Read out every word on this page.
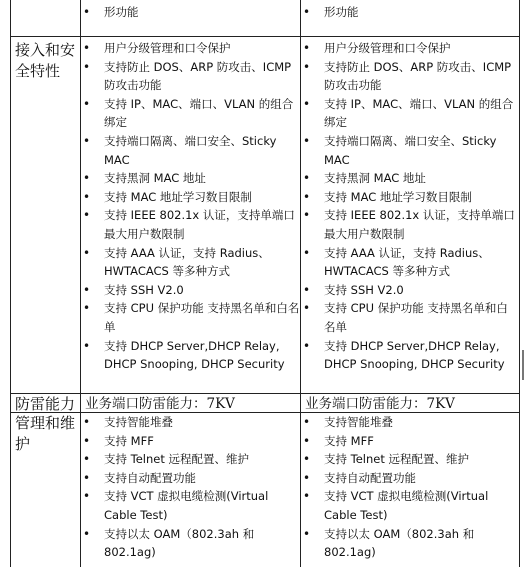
• 形功能
•	形功能
接入和安全特性
• 用户分级管理和口令保护
• 支持防止 DOS、ARP 防攻击、ICMP 防攻击功能
• 支持 IP、MAC、端口、VLAN 的组合绑定
• 支持端口隔离、端口安全、Sticky MAC
• 支持黑洞 MAC 地址
• 支持 MAC 地址学习数目限制
• 支持 IEEE 802.1x 认证，支持单端口最大用户数限制
• 支持 AAA 认证，支持 Radius、HWTACACS 等多种方式
• 支持 SSH V2.0
• 支持 CPU 保护功能 支持黑名单和白名单
• 支持 DHCP Server,DHCP Relay, DHCP Snooping, DHCP Security
• 用户分级管理和口令保护
• 支持防止 DOS、ARP 防攻击、ICMP 防攻击功能
• 支持 IP、MAC、端口、VLAN 的组合绑定
• 支持端口隔离、端口安全、Sticky MAC
• 支持黑洞 MAC 地址
• 支持 MAC 地址学习数目限制
• 支持 IEEE 802.1x 认证，支持单端口最大用户数限制
• 支持 AAA 认证，支持 Radius、HWTACACS 等多种方式
• 支持 SSH V2.0
• 支持 CPU 保护功能 支持黑名单和白名单
• 支持 DHCP Server,DHCP Relay, DHCP Snooping, DHCP Security
防雷能力 业务端口防雷能力：7KV	业务端口防雷能力：7KV
管理和维护
• 支持智能堆叠
• 支持 MFF
• 支持 Telnet 远程配置、维护
• 支持自动配置功能
• 支持 VCT 虚拟电缆检测(Virtual Cable Test)
• 支持以太 OAM（802.3ah 和 802.1ag)
• 支持智能堆叠
• 支持 MFF
• 支持 Telnet 远程配置、维护
• 支持自动配置功能
• 支持 VCT 虚拟电缆检测(Virtual Cable Test)
• 支持以太 OAM（802.3ah 和 802.1ag)
